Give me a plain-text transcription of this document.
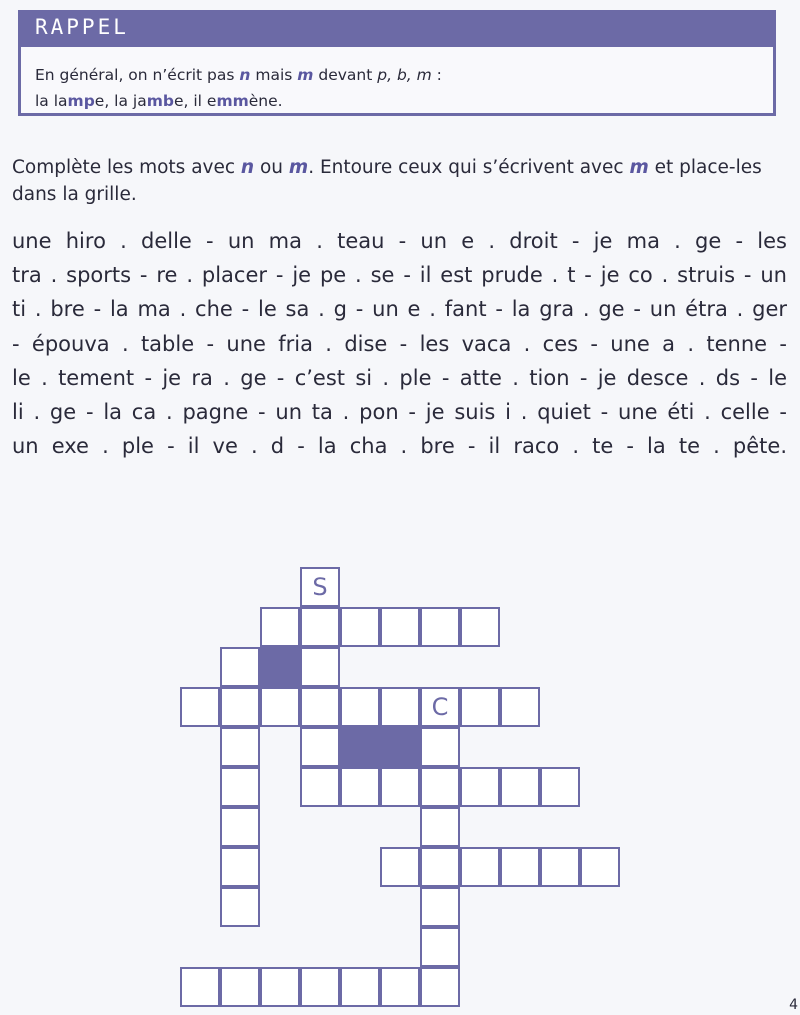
RAPPEL
En général, on n’écrit pas n mais m devant p, b, m :
la lampe, la jambe, il emmène.
Complète les mots avec n ou m. Entoure ceux qui s’écrivent avec m et place-les dans la grille.
une hiro . delle - un ma . teau - un e . droit - je ma . ge - les
tra . sports - re . placer - je pe . se - il est prude . t - je co . struis - un
ti . bre - la ma . che - le sa . g - un e . fant - la gra . ge - un étra . ger
- épouva . table - une fria . dise - les vaca . ces - une a . tenne -
le . tement - je ra . ge - c’est si . ple - atte . tion - je desce . ds - le
li . ge - la ca . pagne - un ta . pon - je suis i . quiet - une éti . celle -
un exe . ple - il ve . d - la cha . bre - il raco . te - la te . pête.
S
C
4
